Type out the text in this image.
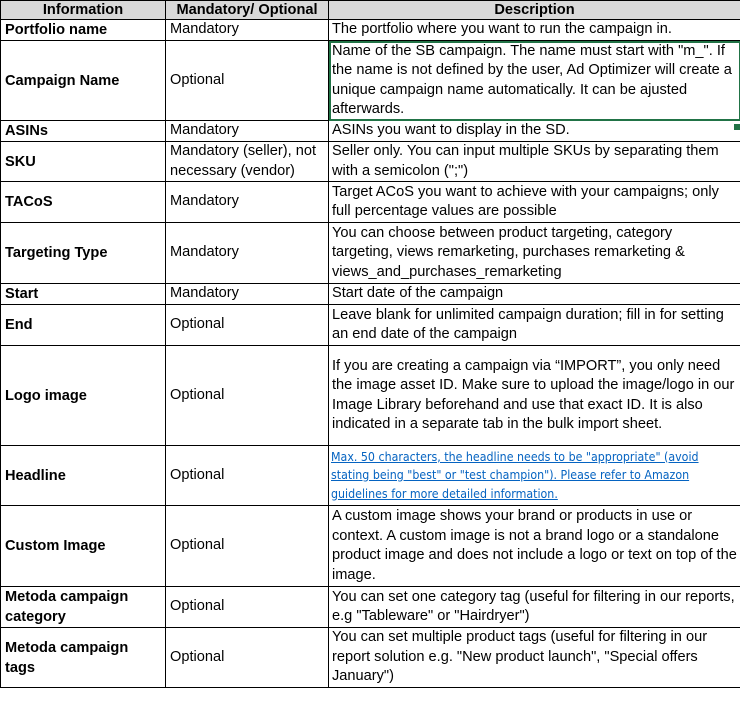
Information	Mandatory/ Optional	Description
Portfolio name	Mandatory	The portfolio where you want to run the campaign in.
Campaign Name	Optional	Name of the SB campaign. The name must start with "m_". If the name is not defined by the user, Ad Optimizer will create a unique campaign name automatically. It can be ajusted afterwards.
ASINs	Mandatory	ASINs you want to display in the SD.
SKU	Mandatory (seller), not necessary (vendor)	Seller only. You can input multiple SKUs by separating them with a semicolon (";")
TACoS	Mandatory	Target ACoS you want to achieve with your campaigns; only full percentage values are possible
Targeting Type	Mandatory	You can choose between product targeting, category targeting, views remarketing, purchases remarketing & views_and_purchases_remarketing
Start	Mandatory	Start date of the campaign
End	Optional	Leave blank for unlimited campaign duration; fill in for setting an end date of the campaign
Logo image	Optional	If you are creating a campaign via “IMPORT”, you only need the image asset ID. Make sure to upload the image/logo in our Image Library beforehand and use that exact ID. It is also indicated in a separate tab in the bulk import sheet.
Headline	Optional	Max. 50 characters, the headline needs to be "appropriate" (avoid stating being "best" or "test champion"). Please refer to Amazon guidelines for more detailed information.
Custom Image	Optional	A custom image shows your brand or products in use or context. A custom image is not a brand logo or a standalone product image and does not include a logo or text on top of the image.
Metoda campaign category	Optional	You can set one category tag (useful for filtering in our reports, e.g "Tableware" or "Hairdryer")
Metoda campaign tags	Optional	You can set multiple product tags (useful for filtering in our report solution e.g. "New product launch", "Special offers January")
